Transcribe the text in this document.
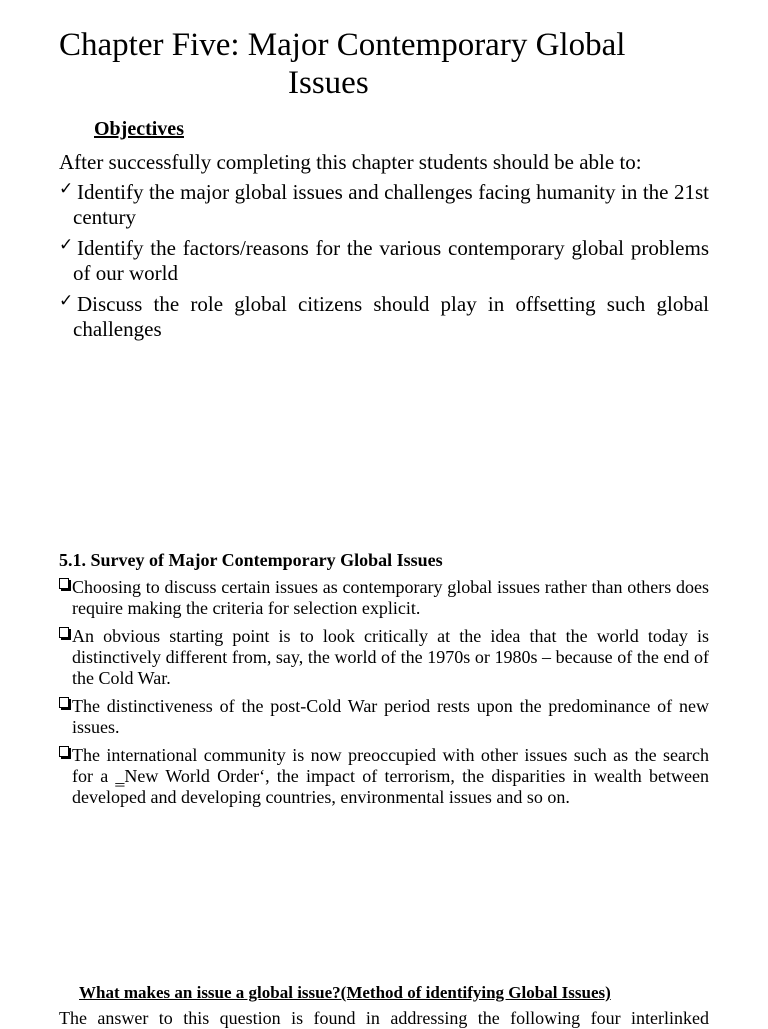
Chapter Five: Major Contemporary Global
Issues
Objectives
After successfully completing this chapter students should be able to:
✓ Identify the major global issues and challenges facing humanity in the 21st century
✓ Identify the factors/reasons for the various contemporary global problems of our world
✓ Discuss the role global citizens should play in offsetting such global challenges
5.1. Survey of Major Contemporary Global Issues
Choosing to discuss certain issues as contemporary global issues rather than others does require making the criteria for selection explicit.
An obvious starting point is to look critically at the idea that the world today is distinctively different from, say, the world of the 1970s or 1980s – because of the end of the Cold War.
The distinctiveness of the post-Cold War period rests upon the predominance of new issues.
The international community is now preoccupied with other issues such as the search for a ‗New World Order‘, the impact of terrorism, the disparities in wealth between developed and developing countries, environmental issues and so on.
What makes an issue a global issue?(Method of identifying Global Issues)
The answer to this question is found in addressing the following four interlinked
